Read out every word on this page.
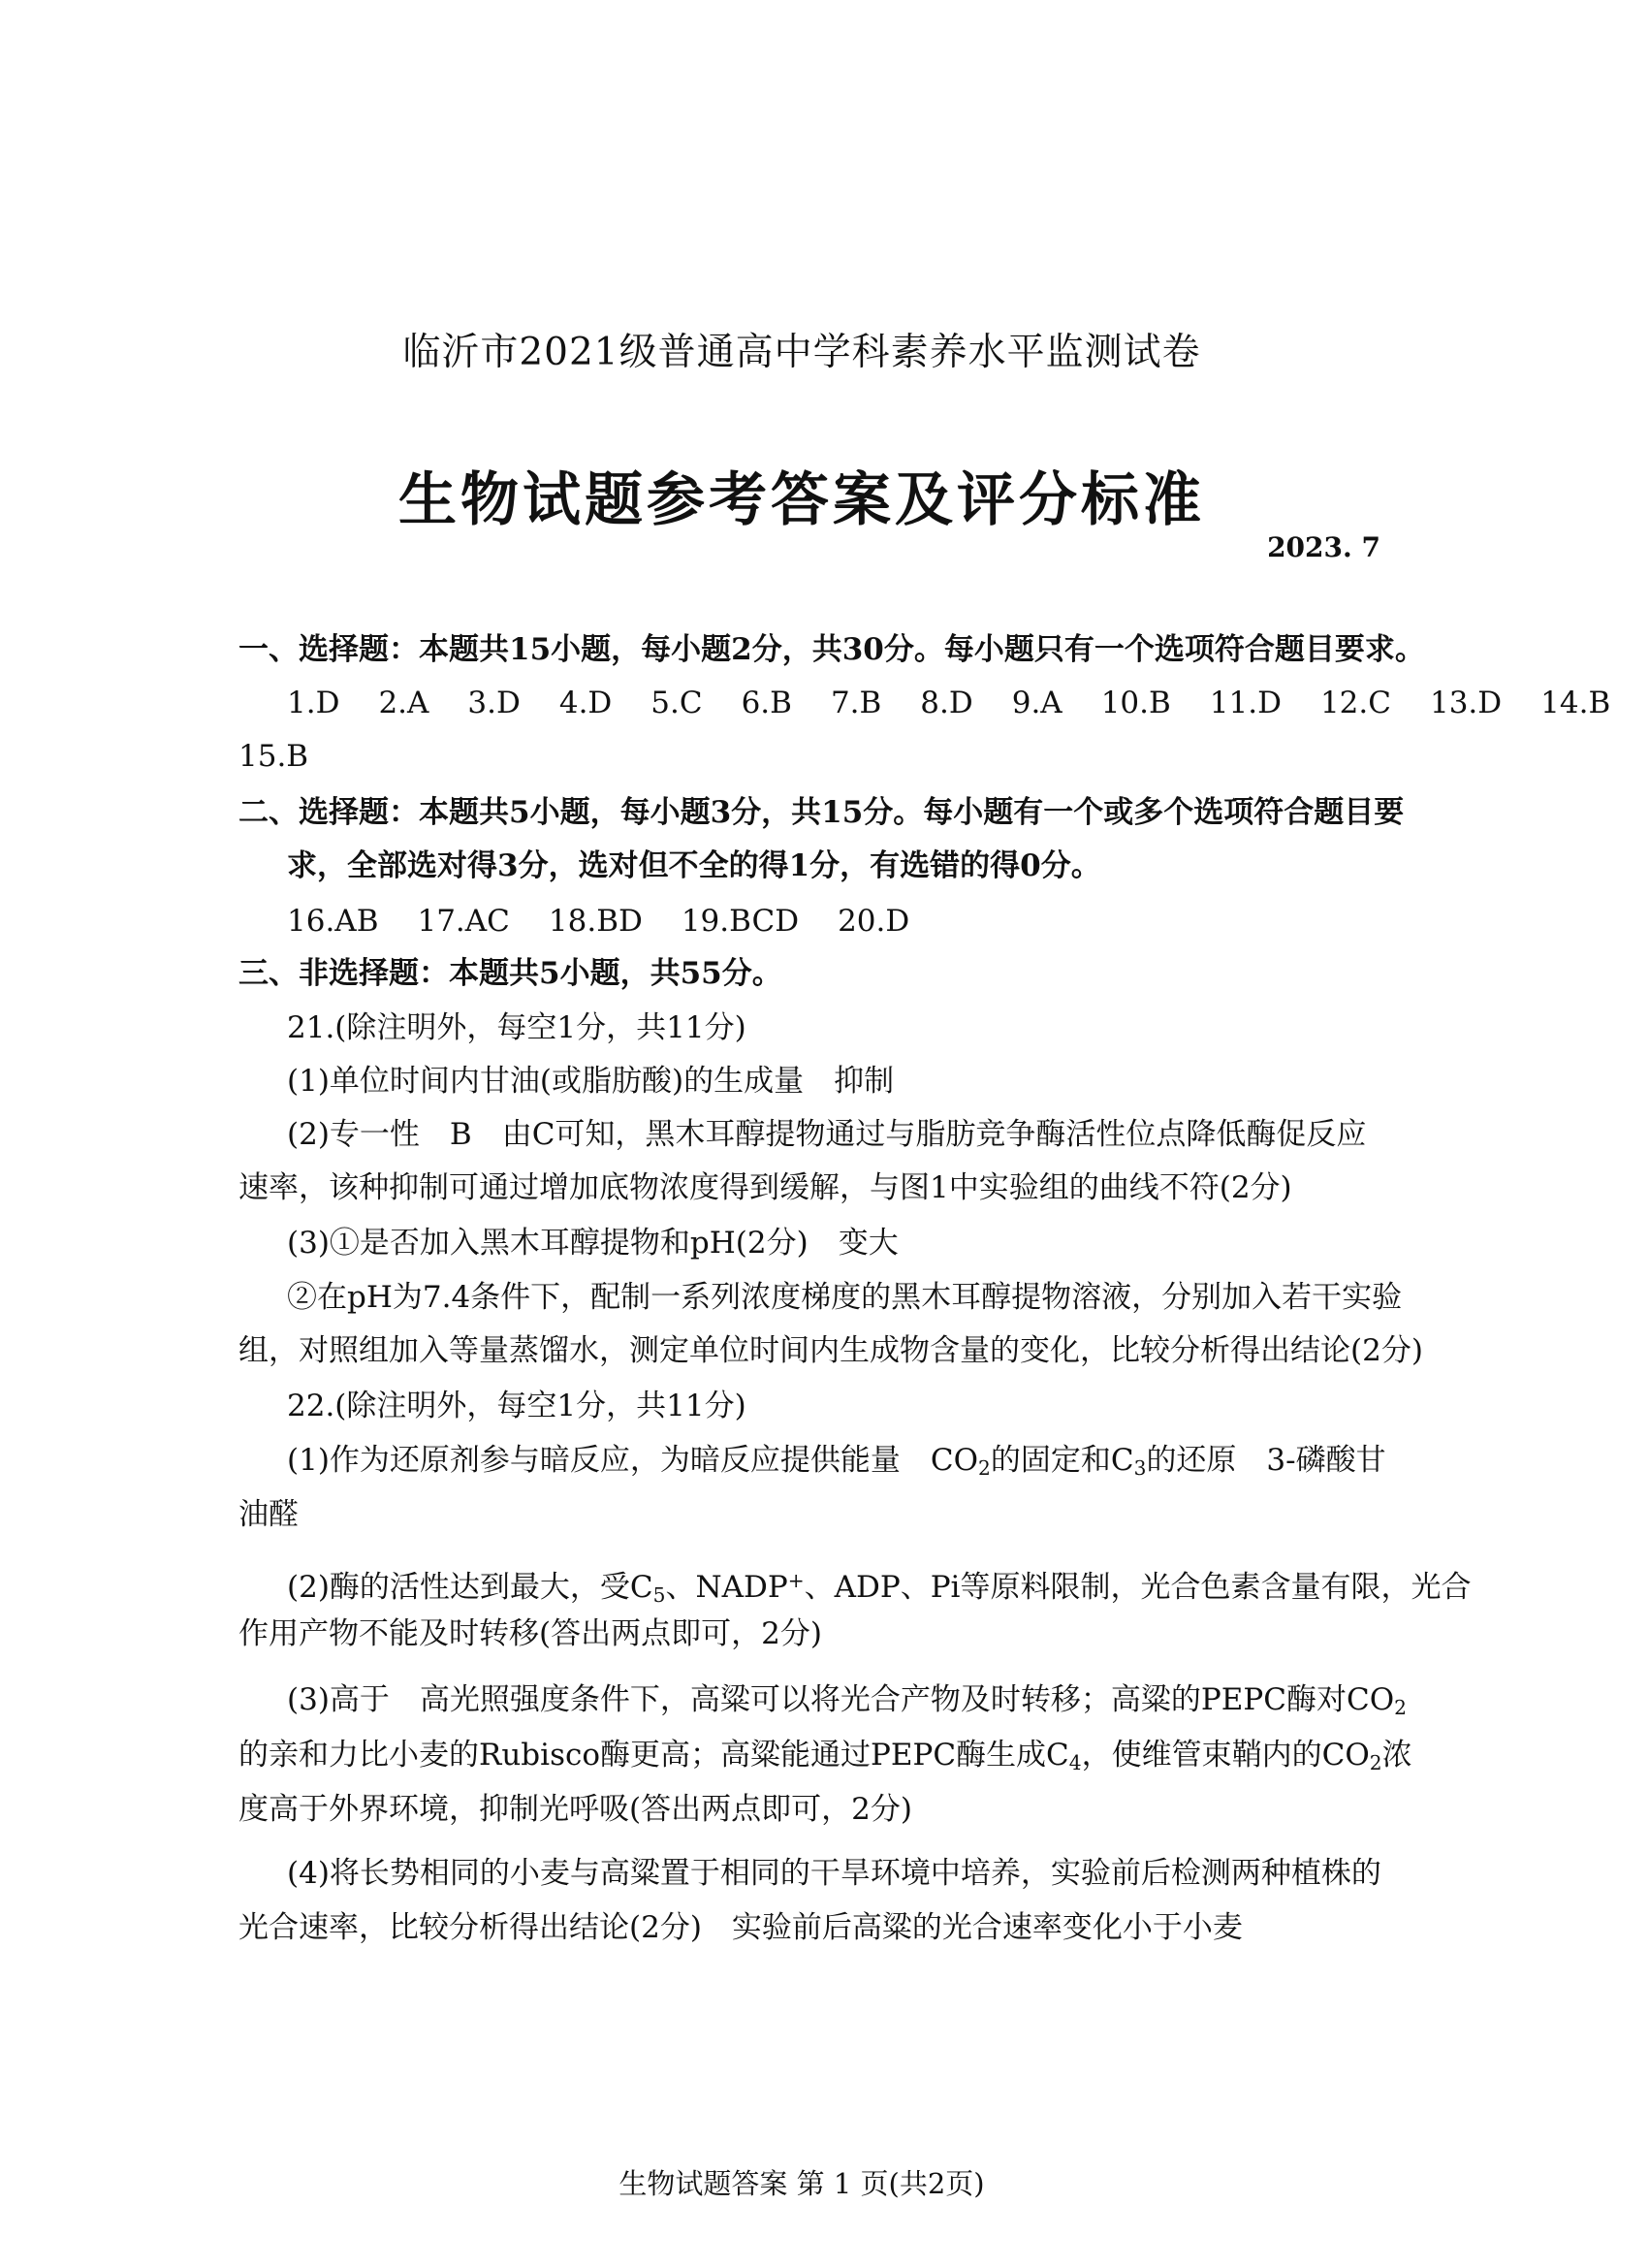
临沂市2021级普通高中学科素养水平监测试卷
生物试题参考答案及评分标准
2023. 7
一、选择题：本题共15小题，每小题2分，共30分。每小题只有一个选项符合题目要求。
1.D 2.A 3.D 4.D 5.C 6.B 7.B 8.D 9.A 10.B 11.D 12.C 13.D 14.B
15.B
二、选择题：本题共5小题，每小题3分，共15分。每小题有一个或多个选项符合题目要
求，全部选对得3分，选对但不全的得1分，有选错的得0分。
16.AB 17.AC 18.BD 19.BCD 20.D
三、非选择题：本题共5小题，共55分。
21.(除注明外，每空1分，共11分)
(1)单位时间内甘油(或脂肪酸)的生成量　抑制
(2)专一性　B　由C可知，黑木耳醇提物通过与脂肪竞争酶活性位点降低酶促反应
速率，该种抑制可通过增加底物浓度得到缓解，与图1中实验组的曲线不符(2分)
(3)①是否加入黑木耳醇提物和pH(2分)　变大
②在pH为7.4条件下，配制一系列浓度梯度的黑木耳醇提物溶液，分别加入若干实验
组，对照组加入等量蒸馏水，测定单位时间内生成物含量的变化，比较分析得出结论(2分)
22.(除注明外，每空1分，共11分)
(1)作为还原剂参与暗反应，为暗反应提供能量　$CO_2$的固定和$C_3$的还原　3-磷酸甘
油醛
(2)酶的活性达到最大，受$C_5$、NADP+、ADP、Pi等原料限制，光合色素含量有限，光合
作用产物不能及时转移(答出两点即可，2分)
(3)高于　高光照强度条件下，高粱可以将光合产物及时转移；高粱的PEPC酶对$CO_2$
的亲和力比小麦的Rubisco酶更高；高粱能通过PEPC酶生成$C_4$，使维管束鞘内的$CO_2$浓
度高于外界环境，抑制光呼吸(答出两点即可，2分)
(4)将长势相同的小麦与高粱置于相同的干旱环境中培养，实验前后检测两种植株的
光合速率，比较分析得出结论(2分)　实验前后高粱的光合速率变化小于小麦
生物试题答案 第 1 页(共2页)
